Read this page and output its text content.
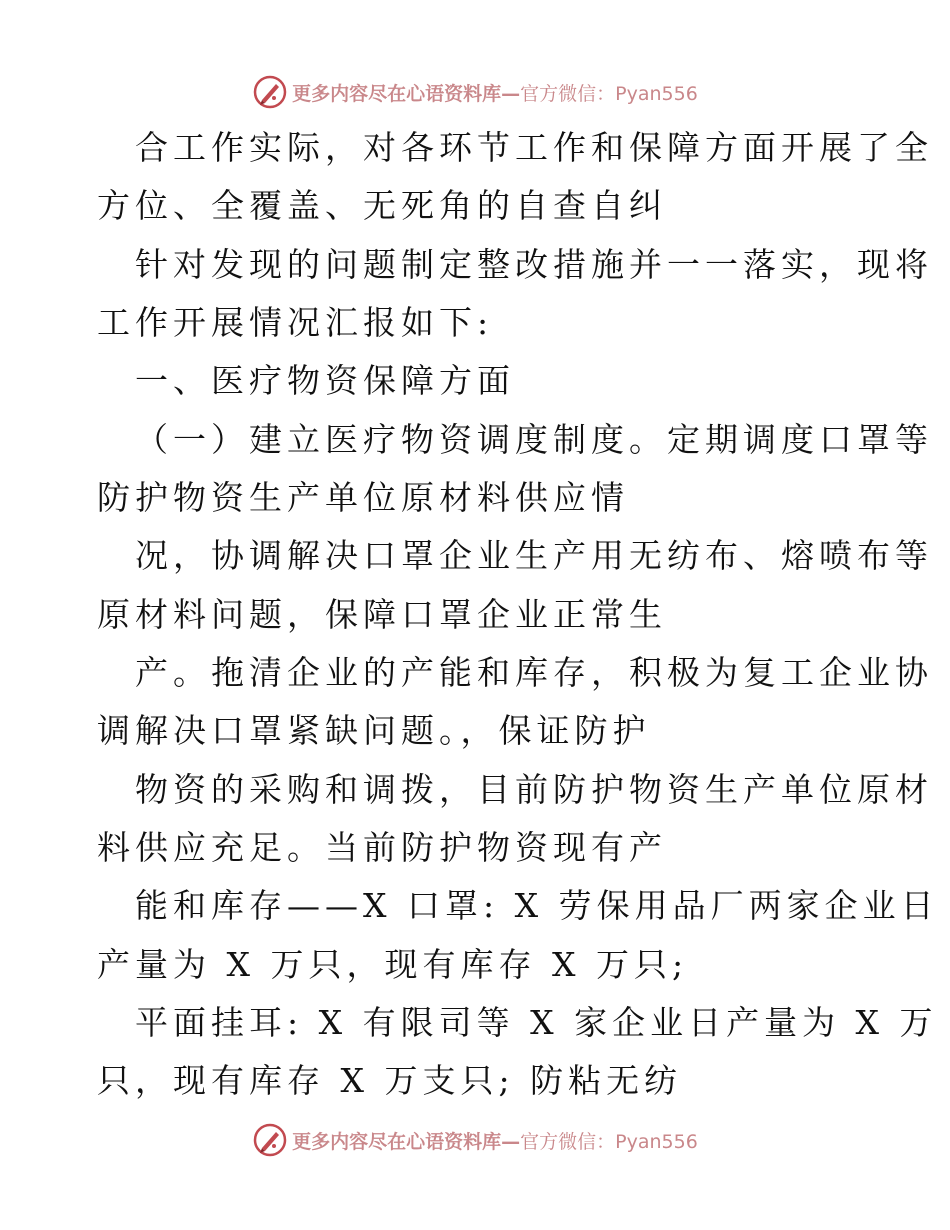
更多内容尽在心语资料库— 官方微信：Pyan556
合工作实际，对各环节工作和保障方面开展了全
方位、全覆盖、无死角的自查自纠
针对发现的问题制定整改措施并一一落实，现将
工作开展情况汇报如下:
一、医疗物资保障方面
（一）建立医疗物资调度制度。定期调度口罩等
防护物资生产单位原材料供应情
况，协调解决口罩企业生产用无纺布、熔喷布等
原材料问题，保障口罩企业正常生
产。拖清企业的产能和库存，积极为复工企业协
调解决口罩紧缺问题。，保证防护
物资的采购和调拨，目前防护物资生产单位原材
料供应充足。当前防护物资现有产
能和库存——X 口罩: X 劳保用品厂两家企业日
产量为 X 万只，现有库存 X 万只;
平面挂耳: X 有限司等 X 家企业日产量为 X 万
只，现有库存 X 万支只; 防粘无纺
更多内容尽在心语资料库— 官方微信：Pyan556
